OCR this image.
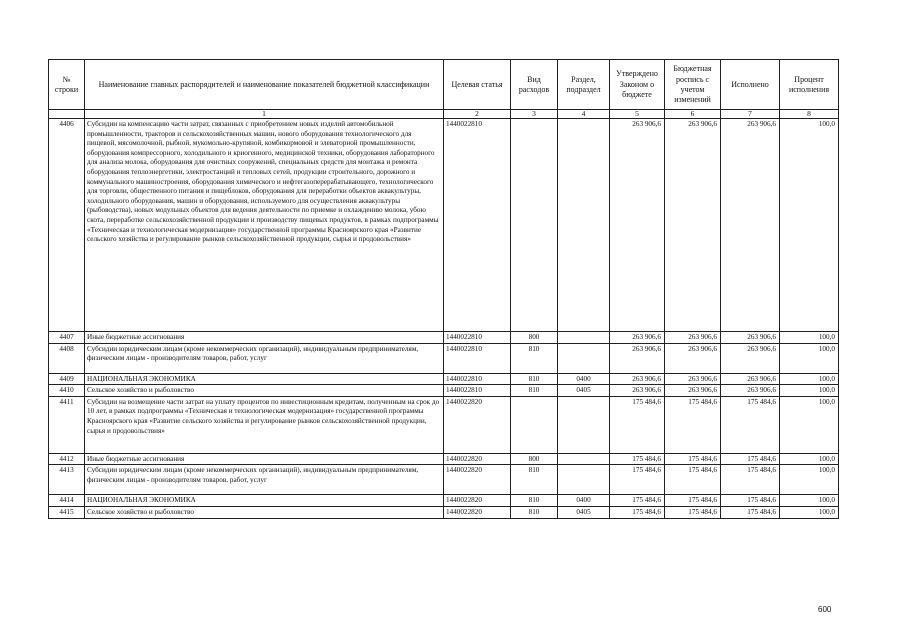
№ строки	Наименование главных распорядителей и наименование показателей бюджетной классификации	Целевая статья	Вид расходов	Раздел, подраздел	Утверждено Законом о бюджете	Бюджетная роспись с учетом изменений	Исполнено	Процент исполнения
	1	2	3	4	5	6	7	8
4406	Субсидии на компенсацию части затрат, связанных с приобретением новых изделий автомобильной промышленности, тракторов и сельскохозяйственных машин, нового оборудования технологического для пищевой, мясомолочной, рыбной, мукомольно-крупяной, комбикормовой и элеваторной промышленности, оборудования компрессорного, холодильного и криогенного, медицинской техники, оборудования лабораторного для анализа молока, оборудования для очистных сооружений, специальных средств для монтажа и ремонта оборудования теплоэнергетики, электростанций и тепловых сетей, продукции строительного, дорожного и коммунального машиностроения, оборудования химического и нефтегазоперерабатывающего, технологического для торговли, общественного питания и пищеблоков, оборудования для переработки объектов аквакультуры, холодильного оборудования, машин и оборудования, используемого для осуществления аквакультуры (рыбоводства), новых модульных объектов для ведения деятельности по приемке и охлаждению молока, убою скота, переработке сельскохозяйственной продукции и производству пищевых продуктов, в рамках подпрограммы «Техническая и технологическая модернизация» государственной программы Красноярского края «Развитие сельского хозяйства и регулирование рынков сельскохозяйственной продукции, сырья и продовольствия»	1440022810			263 906,6	263 906,6	263 906,6	100,0
4407	Иные бюджетные ассигнования	1440022810	800		263 906,6	263 906,6	263 906,6	100,0
4408	Субсидии юридическим лицам (кроме некоммерческих организаций), индивидуальным предпринимателям, физическим лицам - производителям товаров, работ, услуг	1440022810	810		263 906,6	263 906,6	263 906,6	100,0
4409	НАЦИОНАЛЬНАЯ ЭКОНОМИКА	1440022810	810	0400	263 906,6	263 906,6	263 906,6	100,0
4410	Сельское хозяйство и рыболовство	1440022810	810	0405	263 906,6	263 906,6	263 906,6	100,0
4411	Субсидии на возмещение части затрат на уплату процентов по инвестиционным кредитам, полученным на срок до 10 лет, в рамках подпрограммы «Техническая и технологическая модернизация» государственной программы Красноярского края «Развитие сельского хозяйства и регулирование рынков сельскохозяйственной продукции, сырья и продовольствия»	1440022820			175 484,6	175 484,6	175 484,6	100,0
4412	Иные бюджетные ассигнования	1440022820	800		175 484,6	175 484,6	175 484,6	100,0
4413	Субсидии юридическим лицам (кроме некоммерческих организаций), индивидуальным предпринимателям, физическим лицам - производителям товаров, работ, услуг	1440022820	810		175 484,6	175 484,6	175 484,6	100,0
4414	НАЦИОНАЛЬНАЯ ЭКОНОМИКА	1440022820	810	0400	175 484,6	175 484,6	175 484,6	100,0
4415	Сельское хозяйство и рыболовство	1440022820	810	0405	175 484,6	175 484,6	175 484,6	100,0
600
